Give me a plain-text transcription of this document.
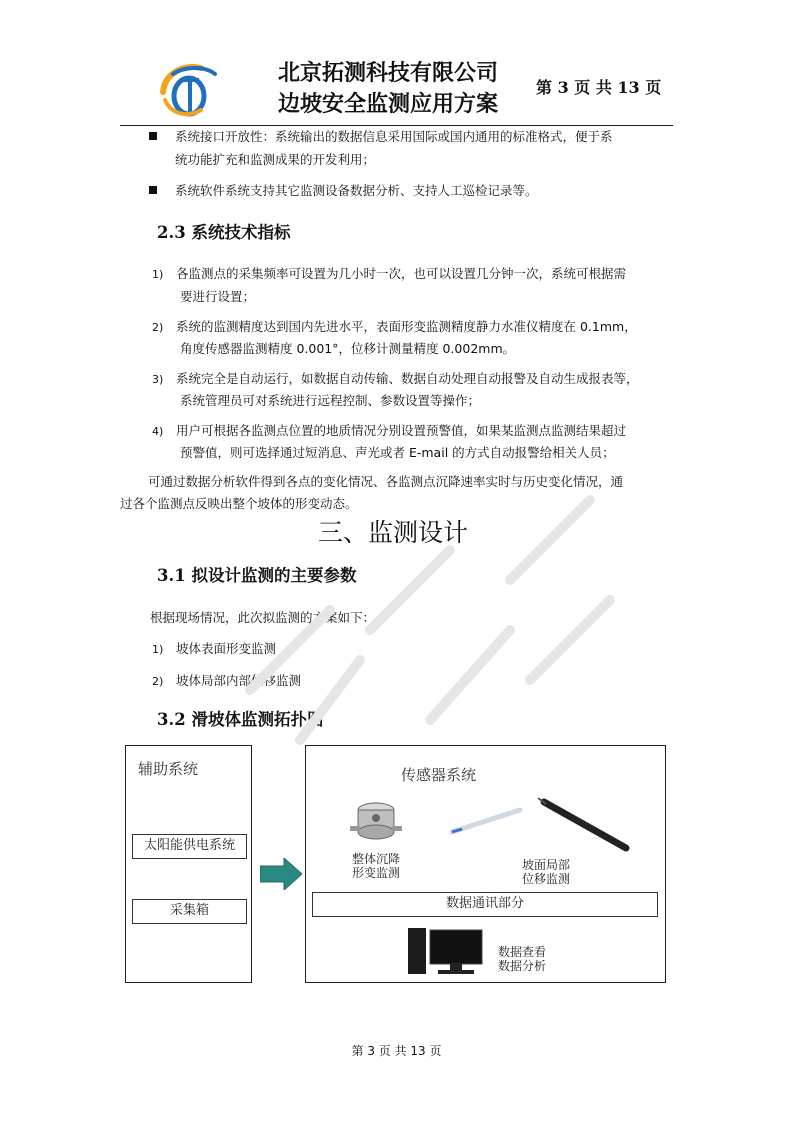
北京拓测科技有限公司
边坡安全监测应用方案
第 3 页 共 13 页
系统接口开放性：系统输出的数据信息采用国际或国内通用的标准格式，便于系
统功能扩充和监测成果的开发利用；
系统软件系统支持其它监测设备数据分析、支持人工巡检记录等。
2.3 系统技术指标
1) 各监测点的采集频率可设置为几小时一次，也可以设置几分钟一次，系统可根据需
要进行设置；
2) 系统的监测精度达到国内先进水平，表面形变监测精度静力水准仪精度在 0.1mm，
角度传感器监测精度 0.001°，位移计测量精度 0.002mm。
3) 系统完全是自动运行，如数据自动传输、数据自动处理自动报警及自动生成报表等，
系统管理员可对系统进行远程控制、参数设置等操作；
4) 用户可根据各监测点位置的地质情况分别设置预警值，如果某监测点监测结果超过
预警值，则可选择通过短消息、声光或者 E-mail 的方式自动报警给相关人员；
可通过数据分析软件得到各点的变化情况、各监测点沉降速率实时与历史变化情况，通
过各个监测点反映出整个坡体的形变动态。
三、监测设计
3.1 拟设计监测的主要参数
根据现场情况，此次拟监测的方案如下：
1) 坡体表面形变监测
2) 坡体局部内部位移监测
3.2 滑坡体监测拓扑图
辅助系统
太阳能供电系统
采集箱
传感器系统
整体沉降
形变监测
坡面局部
位移监测
数据通讯部分
数据查看
数据分析
第 3 页 共 13 页
